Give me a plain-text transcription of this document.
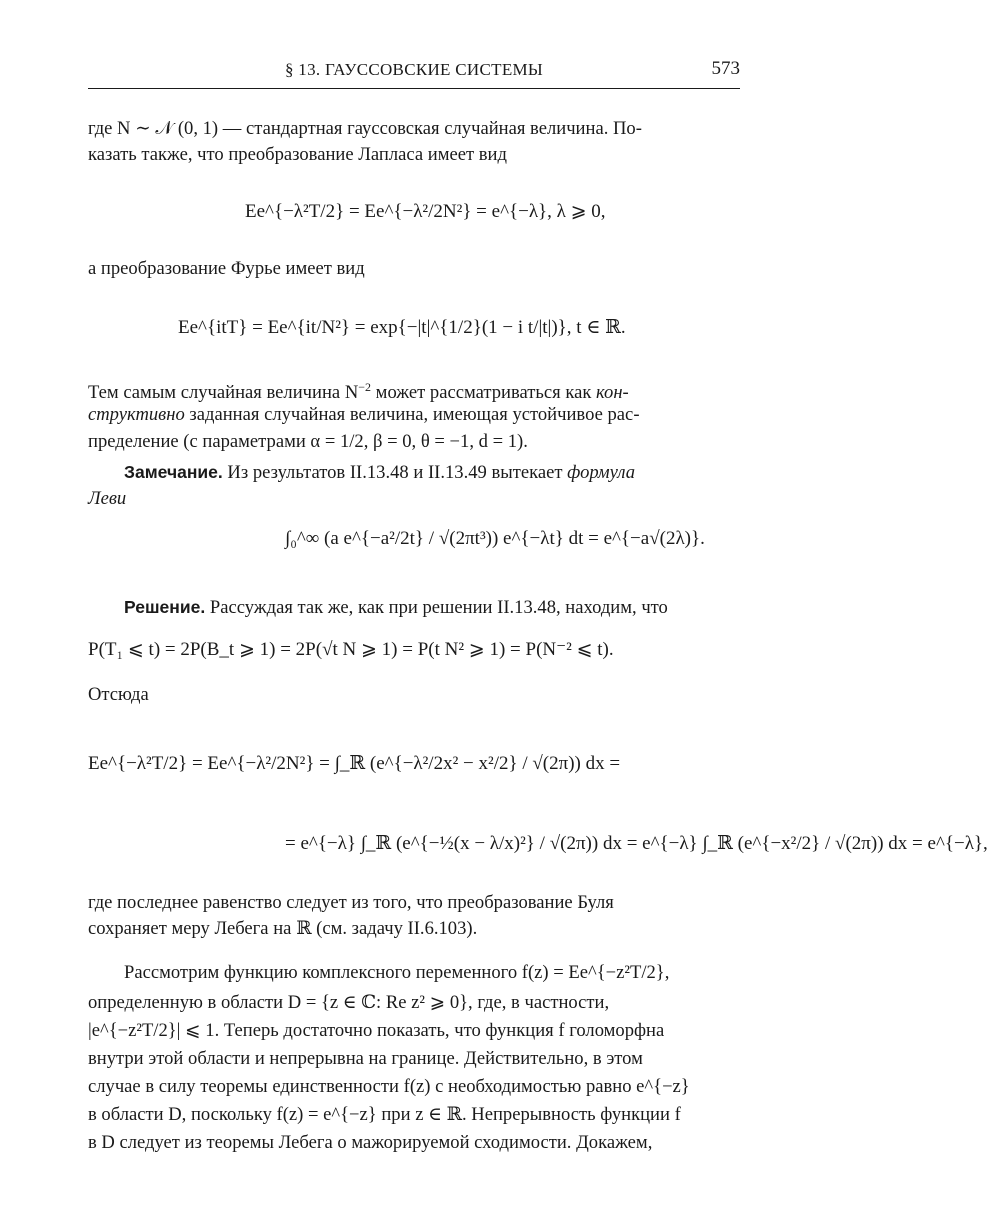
§ 13. ГАУССОВСКИЕ СИСТЕМЫ	573
где N ∼ 𝒩 (0, 1) — стандартная гауссовская случайная величина. По-
казать также, что преобразование Лапласа имеет вид
Ee^{−λ²T/2} = Ee^{−λ²/2N²} = e^{−λ}, λ ⩾ 0,
а преобразование Фурье имеет вид
Ee^{itT} = Ee^{it/N²} = exp{−|t|^{1/2}(1 − i t/|t|)}, t ∈ ℝ.
Тем самым случайная величина $N^{-2}$ может рассматриваться как кон-
структивно заданная случайная величина, имеющая устойчивое рас-
пределение (с параметрами α = 1/2, β = 0, θ = −1, d = 1).
Замечание. Из результатов II.13.48 и II.13.49 вытекает формула
Леви
∫₀^∞ (a e^{−a²/2t} / √(2πt³)) e^{−λt} dt = e^{−a√(2λ)}.
Решение. Рассуждая так же, как при решении II.13.48, находим, что
P(T₁ ⩽ t) = 2P(B_t ⩾ 1) = 2P(√t N ⩾ 1) = P(t N² ⩾ 1) = P(N⁻² ⩽ t).
Отсюда
Ee^{−λ²T/2} = Ee^{−λ²/2N²} = ∫_ℝ (e^{−λ²/2x² − x²/2} / √(2π)) dx =
= e^{−λ} ∫_ℝ (e^{−½(x − λ/x)²} / √(2π)) dx = e^{−λ} ∫_ℝ (e^{−x²/2} / √(2π)) dx = e^{−λ},
где последнее равенство следует из того, что преобразование Буля
сохраняет меру Лебега на ℝ (см. задачу II.6.103).
Рассмотрим функцию комплексного переменного f(z) = Ee^{−z²T/2},
определенную в области D = {z ∈ ℂ: Re z² ⩾ 0}, где, в частности,
|e^{−z²T/2}| ⩽ 1. Теперь достаточно показать, что функция f голоморфна
внутри этой области и непрерывна на границе. Действительно, в этом
случае в силу теоремы единственности f(z) с необходимостью равно e^{−z}
в области D, поскольку f(z) = e^{−z} при z ∈ ℝ. Непрерывность функции f
в D следует из теоремы Лебега о мажорируемой сходимости. Докажем,
